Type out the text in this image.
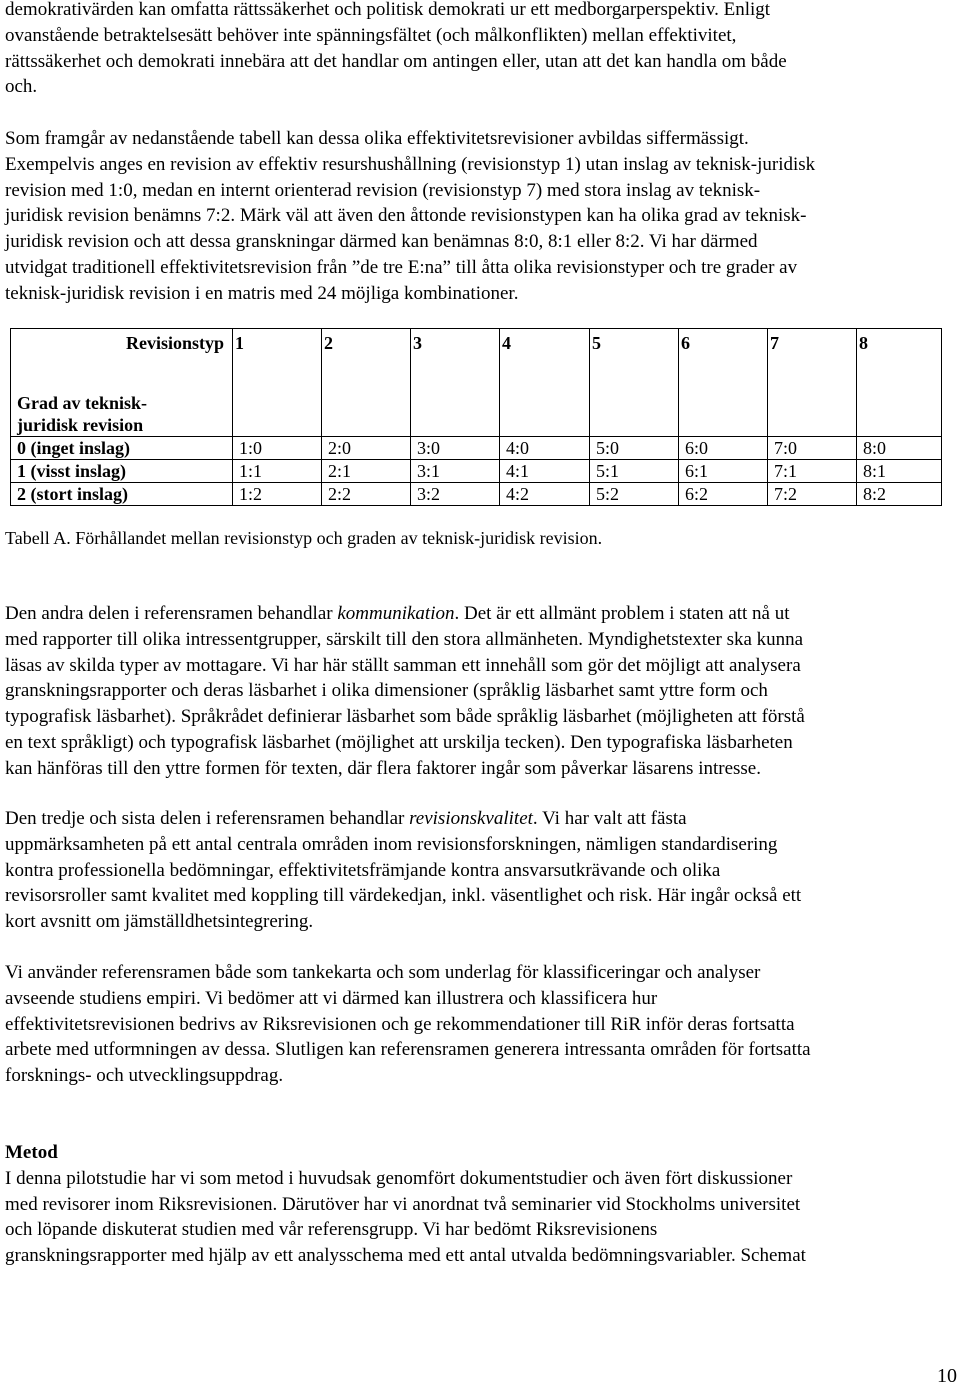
demokrativärden kan omfatta rättssäkerhet och politisk demokrati ur ett medborgarperspektiv. Enligt

ovanstående betraktelsesätt behöver inte spänningsfältet (och målkonflikten) mellan effektivitet,

rättssäkerhet och demokrati innebära att det handlar om antingen eller, utan att det kan handla om både

och.

Som framgår av nedanstående tabell kan dessa olika effektivitetsrevisioner avbildas siffermässigt.

Exempelvis anges en revision av effektiv resurshushållning (revisionstyp 1) utan inslag av teknisk-juridisk

revision med 1:0, medan en internt orienterad revision (revisionstyp 7) med stora inslag av teknisk-

juridisk revision benämns 7:2. Märk väl att även den åttonde revisionstypen kan ha olika grad av teknisk-

juridisk revision och att dessa granskningar därmed kan benämnas 8:0, 8:1 eller 8:2. Vi har därmed

utvidgat traditionell effektivitetsrevision från ”de tre E:na” till åtta olika revisionstyper och tre grader av

teknisk-juridisk revision i en matris med 24 möjliga kombinationer.

Revisionstyp	1	2	3	4	5	6	7	8
Grad av teknisk-
juridisk revision								
0 (inget inslag)	1:0	2:0	3:0	4:0	5:0	6:0	7:0	8:0
1 (visst inslag)	1:1	2:1	3:1	4:1	5:1	6:1	7:1	8:1
2 (stort inslag)	1:2	2:2	3:2	4:2	5:2	6:2	7:2	8:2

Tabell A. Förhållandet mellan revisionstyp och graden av teknisk-juridisk revision.

Den andra delen i referensramen behandlar kommunikation. Det är ett allmänt problem i staten att nå ut

med rapporter till olika intressentgrupper, särskilt till den stora allmänheten. Myndighetstexter ska kunna

läsas av skilda typer av mottagare. Vi har här ställt samman ett innehåll som gör det möjligt att analysera

granskningsrapporter och deras läsbarhet i olika dimensioner (språklig läsbarhet samt yttre form och

typografisk läsbarhet). Språkrådet definierar läsbarhet som både språklig läsbarhet (möjligheten att förstå

en text språkligt) och typografisk läsbarhet (möjlighet att urskilja tecken). Den typografiska läsbarheten

kan hänföras till den yttre formen för texten, där flera faktorer ingår som påverkar läsarens intresse.

Den tredje och sista delen i referensramen behandlar revisionskvalitet. Vi har valt att fästa

uppmärksamheten på ett antal centrala områden inom revisionsforskningen, nämligen standardisering

kontra professionella bedömningar, effektivitetsfrämjande kontra ansvarsutkrävande och olika

revisorsroller samt kvalitet med koppling till värdekedjan, inkl. väsentlighet och risk. Här ingår också ett

kort avsnitt om jämställdhetsintegrering.

Vi använder referensramen både som tankekarta och som underlag för klassificeringar och analyser

avseende studiens empiri. Vi bedömer att vi därmed kan illustrera och klassificera hur

effektivitetsrevisionen bedrivs av Riksrevisionen och ge rekommendationer till RiR inför deras fortsatta

arbete med utformningen av dessa. Slutligen kan referensramen generera intressanta områden för fortsatta

forsknings- och utvecklingsuppdrag.

Metod

I denna pilotstudie har vi som metod i huvudsak genomfört dokumentstudier och även fört diskussioner

med revisorer inom Riksrevisionen. Därutöver har vi anordnat två seminarier vid Stockholms universitet

och löpande diskuterat studien med vår referensgrupp. Vi har bedömt Riksrevisionens

granskningsrapporter med hjälp av ett analysschema med ett antal utvalda bedömningsvariabler. Schemat

10
